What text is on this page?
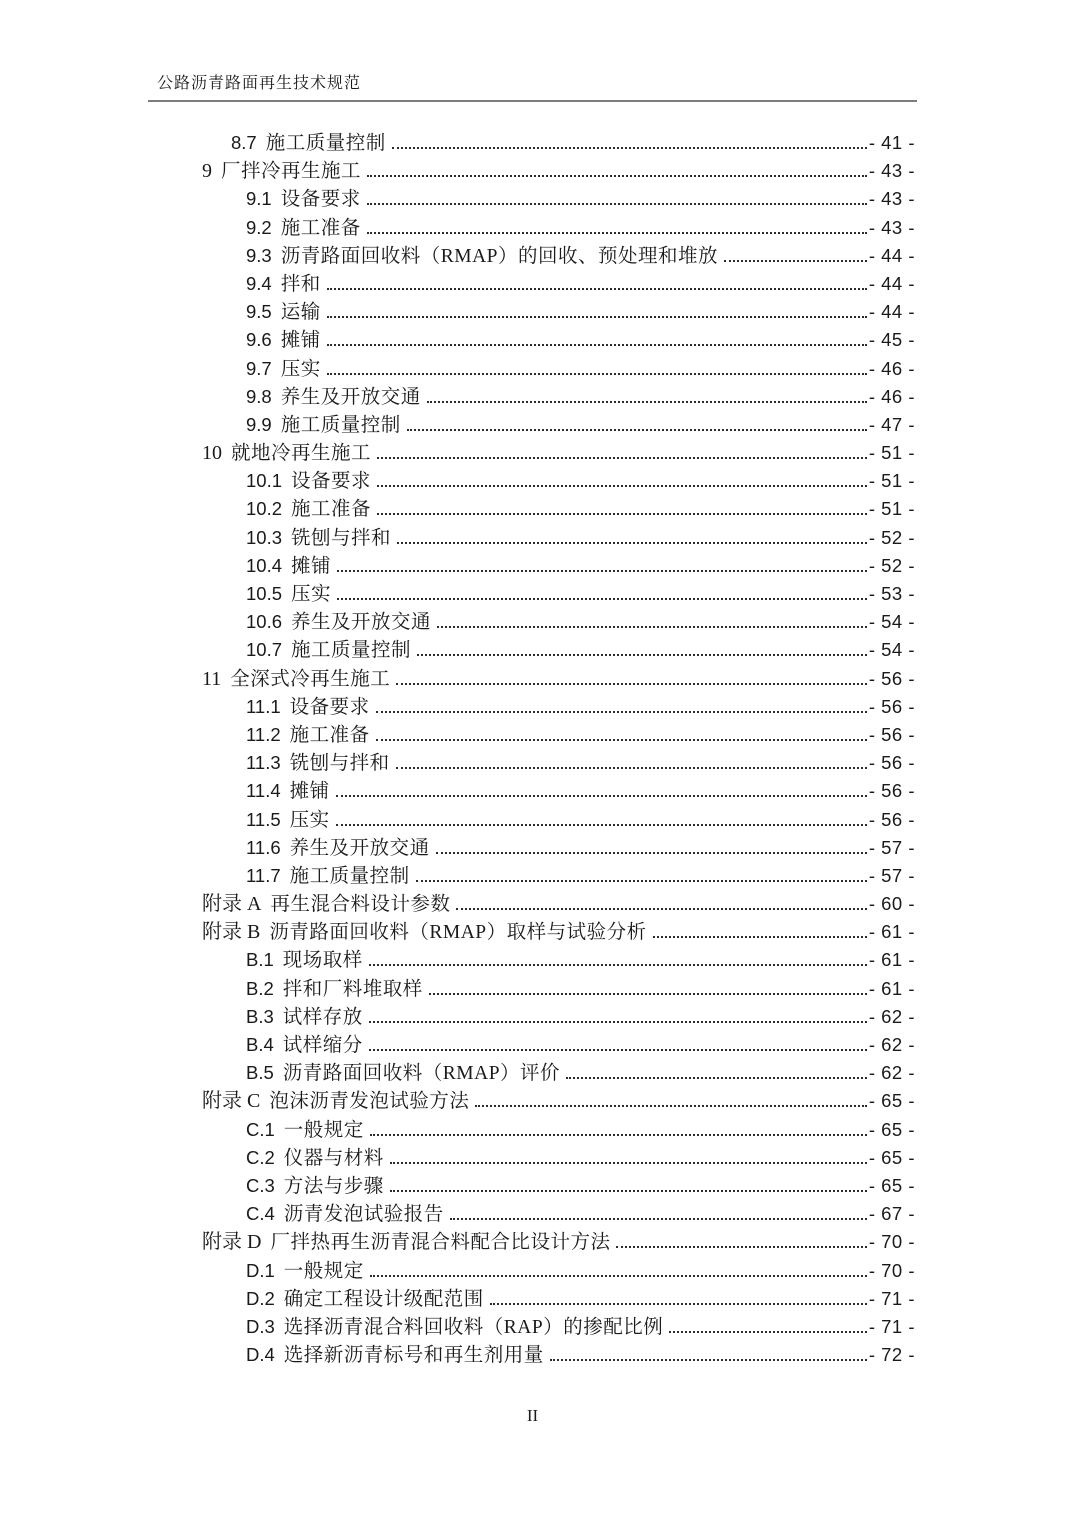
公路沥青路面再生技术规范
8.7 施工质量控制	- 41 -
9 厂拌冷再生施工	- 43 -
9.1 设备要求	- 43 -
9.2 施工准备	- 43 -
9.3 沥青路面回收料（RMAP）的回收、预处理和堆放	- 44 -
9.4 拌和	- 44 -
9.5 运输	- 44 -
9.6 摊铺	- 45 -
9.7 压实	- 46 -
9.8 养生及开放交通	- 46 -
9.9 施工质量控制	- 47 -
10 就地冷再生施工	- 51 -
10.1 设备要求	- 51 -
10.2 施工准备	- 51 -
10.3 铣刨与拌和	- 52 -
10.4 摊铺	- 52 -
10.5 压实	- 53 -
10.6 养生及开放交通	- 54 -
10.7 施工质量控制	- 54 -
11 全深式冷再生施工	- 56 -
11.1 设备要求	- 56 -
11.2 施工准备	- 56 -
11.3 铣刨与拌和	- 56 -
11.4 摊铺	- 56 -
11.5 压实	- 56 -
11.6 养生及开放交通	- 57 -
11.7 施工质量控制	- 57 -
附录 A 再生混合料设计参数	- 60 -
附录 B 沥青路面回收料（RMAP）取样与试验分析	- 61 -
B.1 现场取样	- 61 -
B.2 拌和厂料堆取样	- 61 -
B.3 试样存放	- 62 -
B.4 试样缩分	- 62 -
B.5 沥青路面回收料（RMAP）评价	- 62 -
附录 C 泡沫沥青发泡试验方法	- 65 -
C.1 一般规定	- 65 -
C.2 仪器与材料	- 65 -
C.3 方法与步骤	- 65 -
C.4 沥青发泡试验报告	- 67 -
附录 D 厂拌热再生沥青混合料配合比设计方法	- 70 -
D.1 一般规定	- 70 -
D.2 确定工程设计级配范围	- 71 -
D.3 选择沥青混合料回收料（RAP）的掺配比例	- 71 -
D.4 选择新沥青标号和再生剂用量	- 72 -
II
